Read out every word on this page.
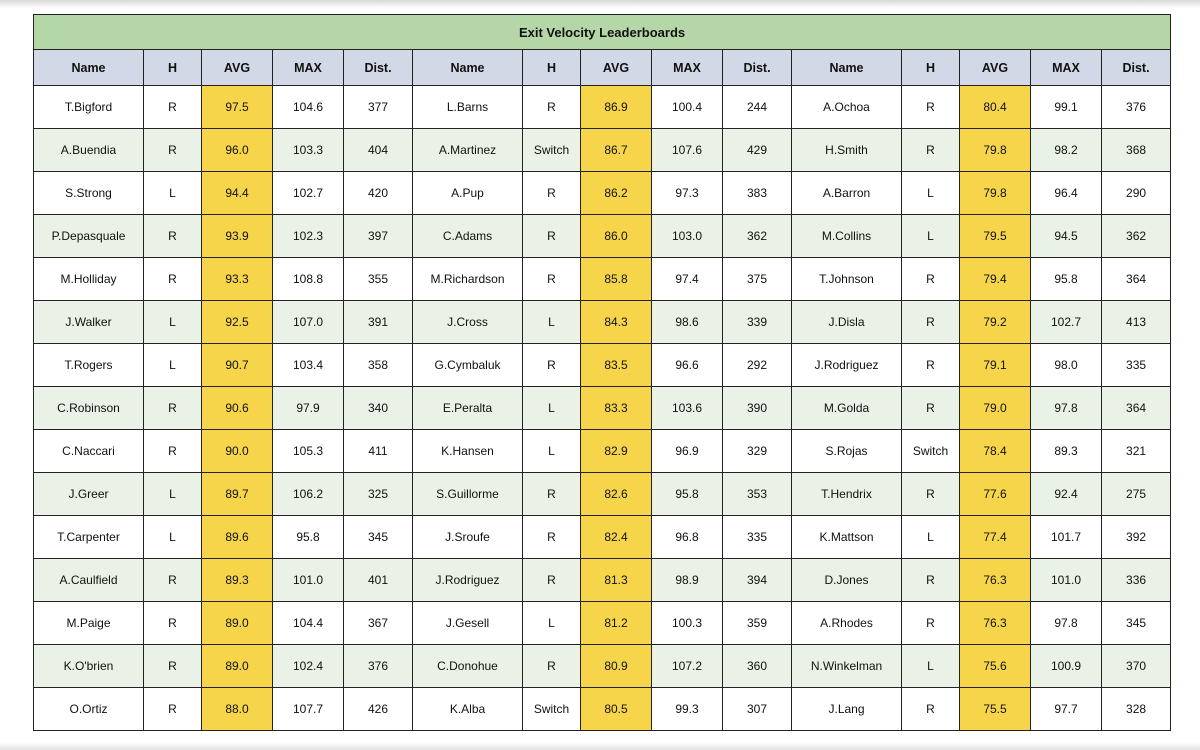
Exit Velocity Leaderboards														
Name	H	AVG	MAX	Dist.	Name	H	AVG	MAX	Dist.	Name	H	AVG	MAX	Dist.
T.Bigford	R	97.5	104.6	377	L.Barns	R	86.9	100.4	244	A.Ochoa	R	80.4	99.1	376
A.Buendia	R	96.0	103.3	404	A.Martinez	Switch	86.7	107.6	429	H.Smith	R	79.8	98.2	368
S.Strong	L	94.4	102.7	420	A.Pup	R	86.2	97.3	383	A.Barron	L	79.8	96.4	290
P.Depasquale	R	93.9	102.3	397	C.Adams	R	86.0	103.0	362	M.Collins	L	79.5	94.5	362
M.Holliday	R	93.3	108.8	355	M.Richardson	R	85.8	97.4	375	T.Johnson	R	79.4	95.8	364
J.Walker	L	92.5	107.0	391	J.Cross	L	84.3	98.6	339	J.Disla	R	79.2	102.7	413
T.Rogers	L	90.7	103.4	358	G.Cymbaluk	R	83.5	96.6	292	J.Rodriguez	R	79.1	98.0	335
C.Robinson	R	90.6	97.9	340	E.Peralta	L	83.3	103.6	390	M.Golda	R	79.0	97.8	364
C.Naccari	R	90.0	105.3	411	K.Hansen	L	82.9	96.9	329	S.Rojas	Switch	78.4	89.3	321
J.Greer	L	89.7	106.2	325	S.Guillorme	R	82.6	95.8	353	T.Hendrix	R	77.6	92.4	275
T.Carpenter	L	89.6	95.8	345	J.Sroufe	R	82.4	96.8	335	K.Mattson	L	77.4	101.7	392
A.Caulfield	R	89.3	101.0	401	J.Rodriguez	R	81.3	98.9	394	D.Jones	R	76.3	101.0	336
M.Paige	R	89.0	104.4	367	J.Gesell	L	81.2	100.3	359	A.Rhodes	R	76.3	97.8	345
K.O'brien	R	89.0	102.4	376	C.Donohue	R	80.9	107.2	360	N.Winkelman	L	75.6	100.9	370
O.Ortiz	R	88.0	107.7	426	K.Alba	Switch	80.5	99.3	307	J.Lang	R	75.5	97.7	328
